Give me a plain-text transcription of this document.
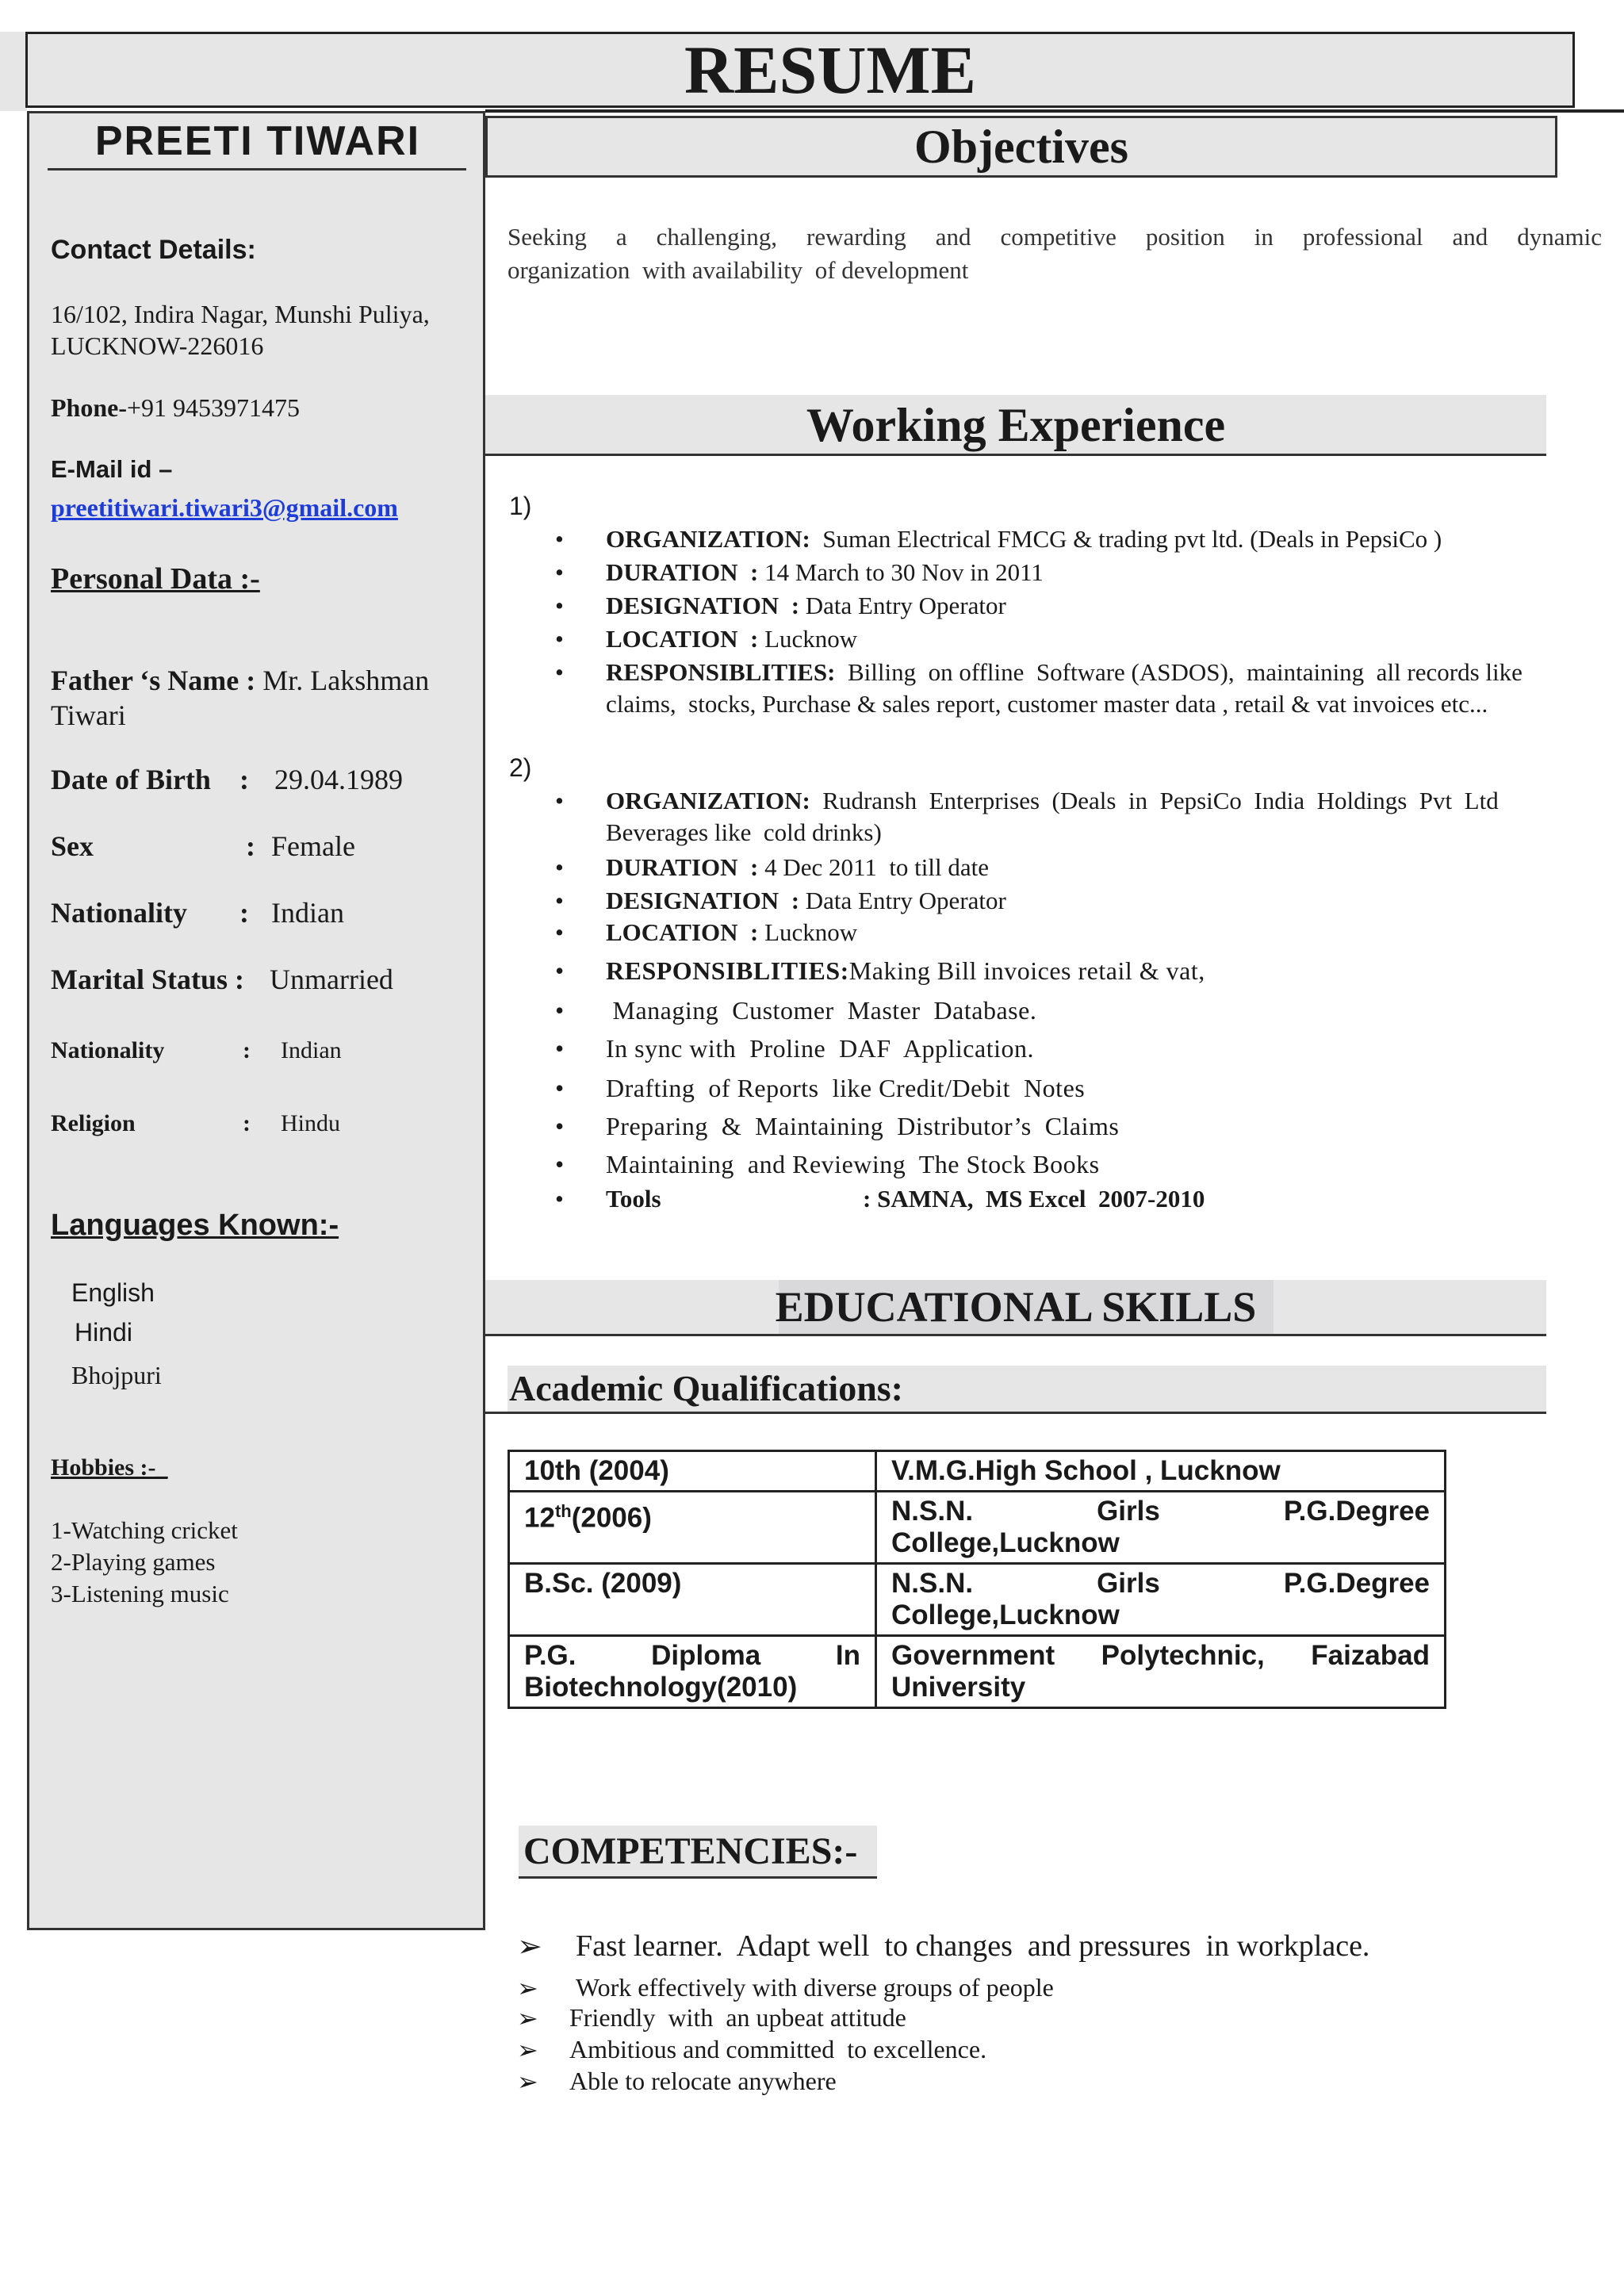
RESUME
PREETI TIWARI
Contact Details:
16/102, Indira Nagar, Munshi Puliya,
LUCKNOW-226016
Phone-+91 9453971475
E-Mail id –
preetitiwari.tiwari3@gmail.com
Personal Data :-
Father ‘s Name : Mr. Lakshman
Tiwari
Date of Birth : 29.04.1989
Sex	: Female
Nationality : Indian
Marital Status : Unmarried
Nationality	: Indian
Religion	: Hindu
Languages Known:-
English
Hindi
Bhojpuri
Hobbies :-_
1-Watching cricket
2-Playing games
3-Listening music
Objectives
Seeking   a   challenging,   rewarding   and   competitive   position   in   professional   and   dynamic
organization  with availability  of development
Working Experience
1)
• ORGANIZATION: Suman Electrical FMCG & trading pvt ltd. (Deals in PepsiCo )
• DURATION  : 14 March to 30 Nov in 2011
• DESIGNATION  : Data Entry Operator
• LOCATION  : Lucknow
• RESPONSIBLITIES: Billing  on offline  Software (ASDOS),  maintaining  all records like
claims,  stocks, Purchase & sales report, customer master data , retail & vat invoices etc...
2)
• ORGANIZATION: Rudransh  Enterprises  (Deals  in  PepsiCo  India  Holdings  Pvt  Ltd
Beverages like  cold drinks)
• DURATION  : 4 Dec 2011  to till date
• DESIGNATION  : Data Entry Operator
• LOCATION  : Lucknow
• RESPONSIBLITIES:Making Bill invoices retail & vat,
• Managing  Customer  Master  Database.
• In sync with  Proline  DAF  Application.
• Drafting  of Reports  like Credit/Debit  Notes
• Preparing  &  Maintaining  Distributor’s  Claims
• Maintaining  and Reviewing  The Stock Books
• Tools	: SAMNA,  MS Excel  2007-2010
EDUCATIONAL SKILLS
Academic Qualifications:
10th (2004)	V.M.G.High School , Lucknow
12th(2006)	N.S.N. Girls P.G.Degree College,Lucknow
B.Sc. (2009)	N.S.N. Girls P.G.Degree College,Lucknow
P.G. Diploma In Biotechnology(2010)	Government Polytechnic, Faizabad University
COMPETENCIES:-
➢ Fast learner.  Adapt well  to changes  and pressures  in workplace.
➢ Work effectively with diverse groups of people
➢ Friendly  with  an upbeat attitude
➢ Ambitious and committed  to excellence.
➢ Able to relocate anywhere
